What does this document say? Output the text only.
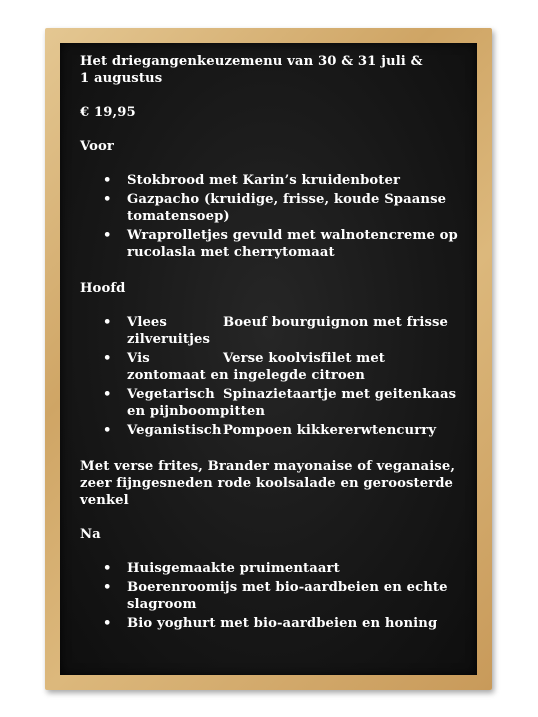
Het driegangenkeuzemenu van 30 & 31 juli &
1 augustus
€ 19,95
Voor
• Stokbrood met Karin’s kruidenboter
• Gazpacho (kruidige, frisse, koude Spaanse tomatensoep)
• Wraprolletjes gevuld met walnotencreme op rucolasla met cherrytomaat
Hoofd
• Vlees	Boeuf bourguignon met frisse zilveruitjes
• Vis	Verse koolvisfilet met zontomaat en ingelegde citroen
• Vegetarisch Spinazietaartje met geitenkaas en pijnboompitten
• VeganistischPompoen kikkererwtencurry
Met verse frites, Brander mayonaise of veganaise, zeer fijngesneden rode koolsalade en geroosterde venkel
Na
• Huisgemaakte pruimentaart
• Boerenroomijs met bio-aardbeien en echte slagroom
• Bio yoghurt met bio-aardbeien en honing
